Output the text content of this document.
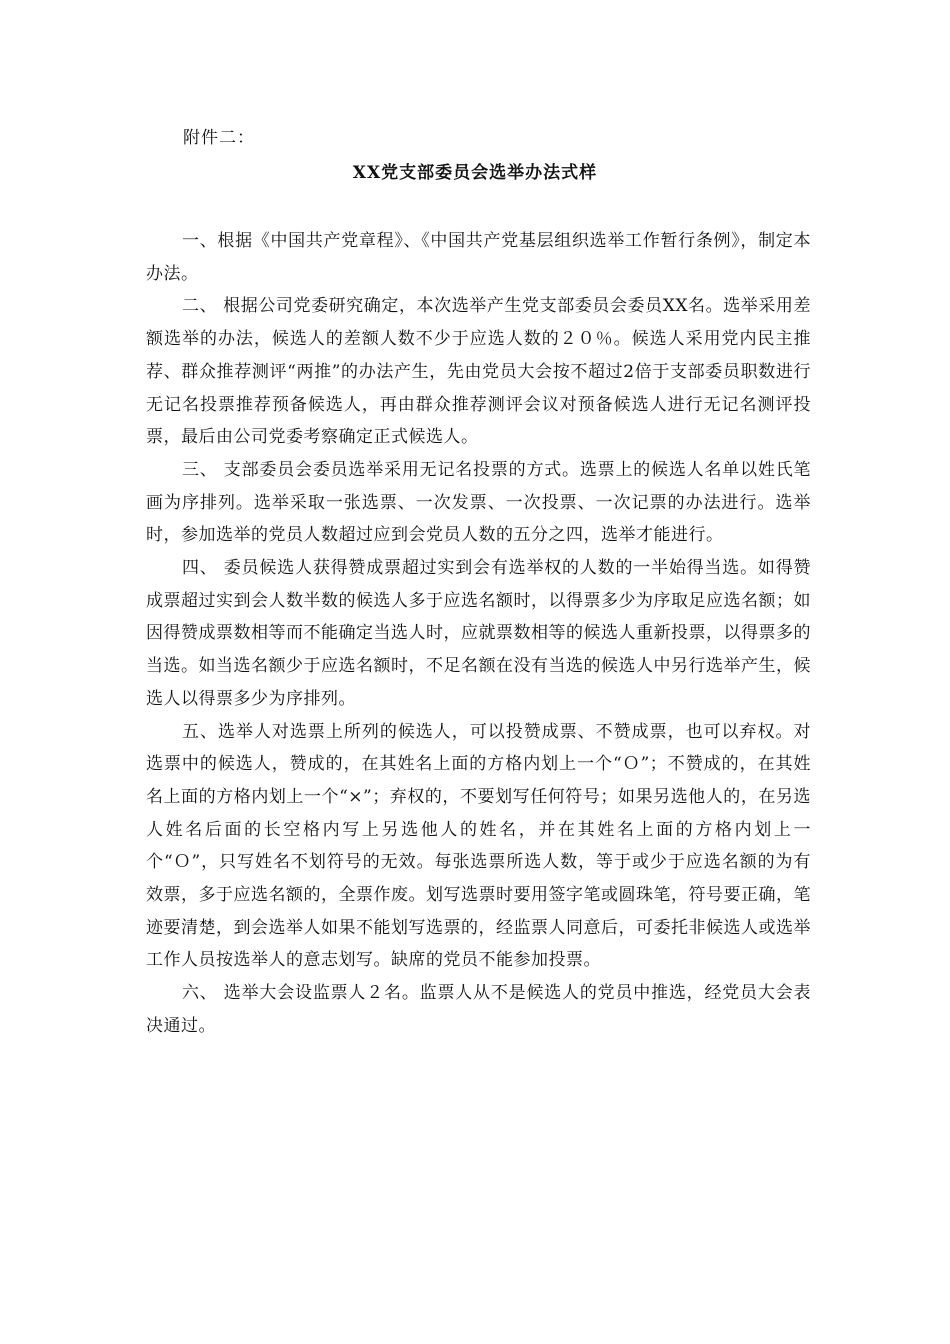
附件二：
XX党支部委员会选举办法式样

一、根据《中国共产党章程》、《中国共产党基层组织选举工作暂行条例》，制定本办法。

二、 根据公司党委研究确定，本次选举产生党支部委员会委员XX名。选举采用差额选举的办法，候选人的差额人数不少于应选人数的２０％。候选人采用党内民主推荐、群众推荐测评“两推”的办法产生，先由党员大会按不超过2倍于支部委员职数进行无记名投票推荐预备候选人，再由群众推荐测评会议对预备候选人进行无记名测评投票，最后由公司党委考察确定正式候选人。

三、 支部委员会委员选举采用无记名投票的方式。选票上的候选人名单以姓氏笔画为序排列。选举采取一张选票、一次发票、一次投票、一次记票的办法进行。选举时，参加选举的党员人数超过应到会党员人数的五分之四，选举才能进行。

四、 委员候选人获得赞成票超过实到会有选举权的人数的一半始得当选。如得赞成票超过实到会人数半数的候选人多于应选名额时，以得票多少为序取足应选名额；如因得赞成票数相等而不能确定当选人时，应就票数相等的候选人重新投票，以得票多的当选。如当选名额少于应选名额时，不足名额在没有当选的候选人中另行选举产生，候选人以得票多少为序排列。

五、选举人对选票上所列的候选人，可以投赞成票、不赞成票，也可以弃权。对选票中的候选人，赞成的，在其姓名上面的方格内划上一个“Ｏ”；不赞成的，在其姓名上面的方格内划上一个“×”；弃权的，不要划写任何符号；如果另选他人的，在另选人姓名后面的长空格内写上另选他人的姓名，并在其姓名上面的方格内划上一个“Ｏ”，只写姓名不划符号的无效。每张选票所选人数，等于或少于应选名额的为有效票，多于应选名额的，全票作废。划写选票时要用签字笔或圆珠笔，符号要正确，笔迹要清楚，到会选举人如果不能划写选票的，经监票人同意后，可委托非候选人或选举工作人员按选举人的意志划写。缺席的党员不能参加投票。

六、 选举大会设监票人２名。监票人从不是候选人的党员中推选，经党员大会表决通过。
